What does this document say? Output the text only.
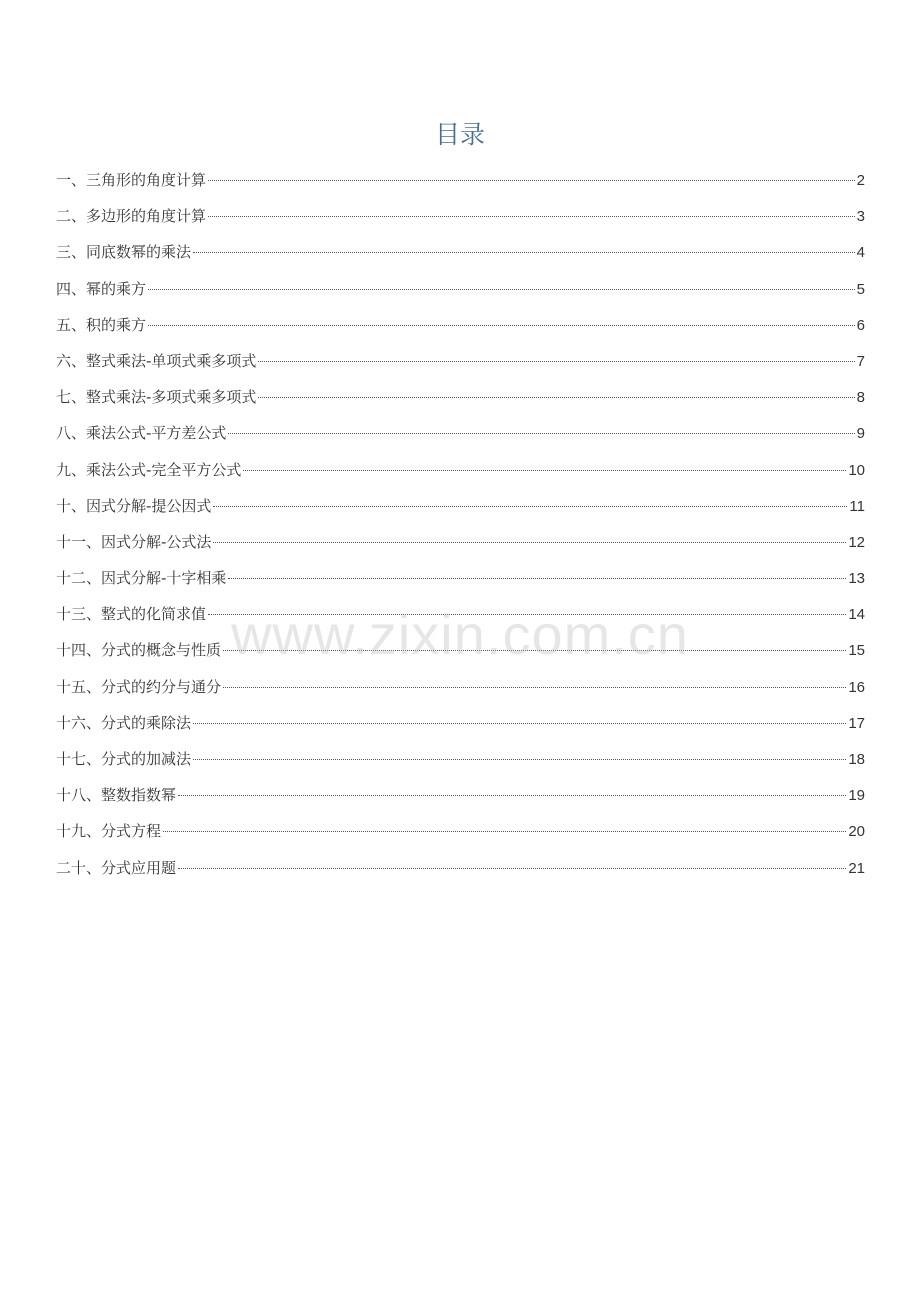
目录
一、三角形的角度计算	2
二、多边形的角度计算	3
三、同底数幂的乘法	4
四、幂的乘方	5
五、积的乘方	6
六、整式乘法-单项式乘多项式	7
七、整式乘法-多项式乘多项式	8
八、乘法公式-平方差公式	9
九、乘法公式-完全平方公式	10
十、因式分解-提公因式	11
十一、因式分解-公式法	12
十二、因式分解-十字相乘	13
十三、整式的化简求值	14
十四、分式的概念与性质	15
十五、分式的约分与通分	16
十六、分式的乘除法	17
十七、分式的加减法	18
十八、整数指数幂	19
十九、分式方程	20
二十、分式应用题	21
www.zixin.com.cn
